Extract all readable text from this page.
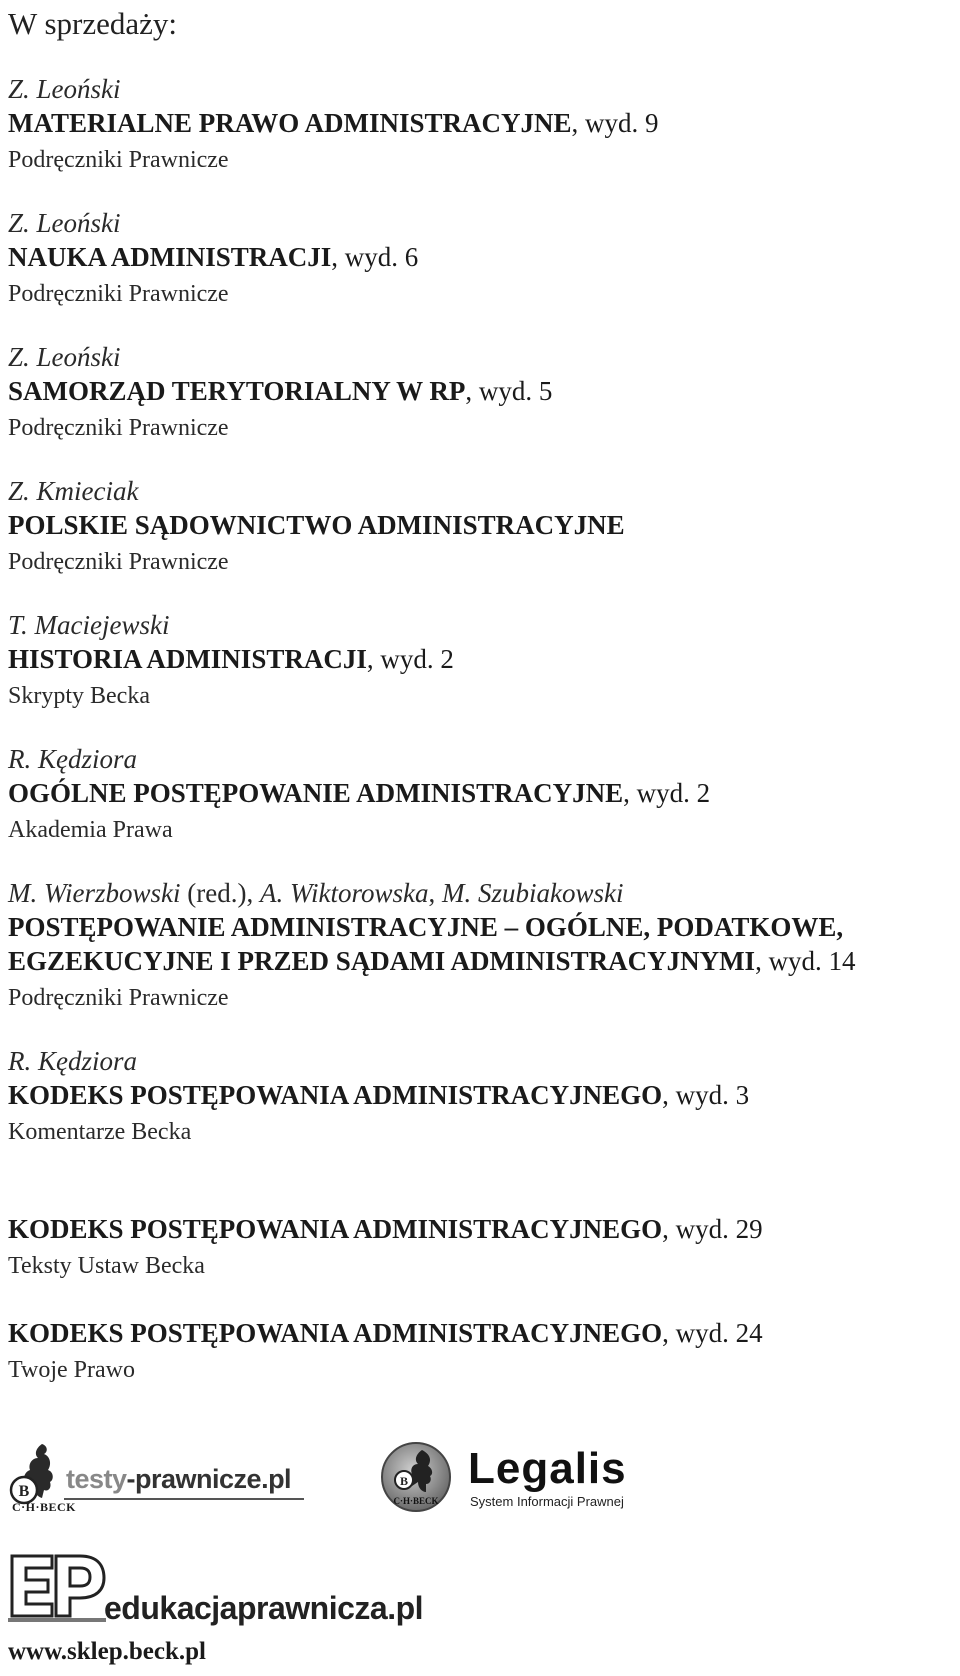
W sprzedaży:
Z. Leoński
MATERIALNE PRAWO ADMINISTRACYJNE, wyd. 9
Podręczniki Prawnicze
Z. Leoński
NAUKA ADMINISTRACJI, wyd. 6
Podręczniki Prawnicze
Z. Leoński
SAMORZĄD TERYTORIALNY W RP, wyd. 5
Podręczniki Prawnicze
Z. Kmieciak
POLSKIE SĄDOWNICTWO ADMINISTRACYJNE
Podręczniki Prawnicze
T. Maciejewski
HISTORIA ADMINISTRACJI, wyd. 2
Skrypty Becka
R. Kędziora
OGÓLNE POSTĘPOWANIE ADMINISTRACYJNE, wyd. 2
Akademia Prawa
M. Wierzbowski (red.), A. Wiktorowska, M. Szubiakowski
POSTĘPOWANIE ADMINISTRACYJNE – OGÓLNE, PODATKOWE,
EGZEKUCYJNE I PRZED SĄDAMI ADMINISTRACYJNYMI, wyd. 14
Podręczniki Prawnicze
R. Kędziora
KODEKS POSTĘPOWANIA ADMINISTRACYJNEGO, wyd. 3
Komentarze Becka
KODEKS POSTĘPOWANIA ADMINISTRACYJNEGO, wyd. 29
Teksty Ustaw Becka
KODEKS POSTĘPOWANIA ADMINISTRACYJNEGO, wyd. 24
Twoje Prawo
B testy-prawnicze.pl
C·H·BECK
B
C·H·BECK
Legalis
System Informacji Prawnej
edukacjaprawnicza.pl
www.sklep.beck.pl
